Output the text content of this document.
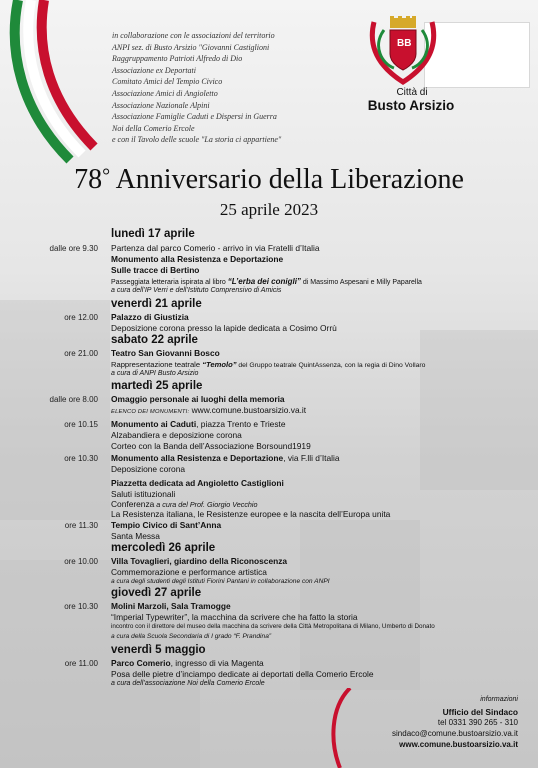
in collaborazione con le associazioni del territorio
ANPI sez. di Busto Arsizio "Giovanni Castiglioni
Raggruppamento Patrioti Alfredo di Dio
Associazione ex Deportati
Comitato Amici del Tempio Civico
Associazione Amici di Angioletto
Associazione Nazionale Alpini
Associazione Famiglie Caduti e Dispersi in Guerra
Noi della Comerio Ercole
e con il Tavolo delle scuole "La storia ci appartiene"
BB
Città di
Busto Arsizio
78° Anniversario della Liberazione
25 aprile 2023
lunedì 17 aprile
dalle ore 9.30 Partenza dal parco Comerio - arrivo in via Fratelli d’Italia
Monumento alla Resistenza e Deportazione
Sulle tracce di Bertino
Passeggiata letteraria ispirata al libro “L’erba dei conigli” di Massimo Aspesani e Milly Paparella
a cura dell’IP Verri e dell’Istituto Comprensivo di Amicis
venerdì 21 aprile
ore 12.00 Palazzo di Giustizia
Deposizione corona presso la lapide dedicata a Cosimo Orrù
sabato 22 aprile
ore 21.00 Teatro San Giovanni Bosco
Rappresentazione teatrale “Temolo” del Gruppo teatrale QuintAssenza, con la regia di Dino Vollaro
a cura di ANPI Busto Arsizio
martedì 25 aprile
dalle ore 8.00 Omaggio personale ai luoghi della memoria
ELENCO DEI MONUMENTI: www.comune.bustoarsizio.va.it
ore 10.15 Monumento ai Caduti, piazza Trento e Trieste
Alzabandiera e deposizione corona
Corteo con la Banda dell’Associazione Borsound1919
ore 10.30 Monumento alla Resistenza e Deportazione, via F.lli d’Italia
Deposizione corona
Piazzetta dedicata ad Angioletto Castiglioni
Saluti istituzionali
Conferenza a cura del Prof. Giorgio Vecchio
La Resistenza italiana, le Resistenze europee e la nascita dell’Europa unita
ore 11.30 Tempio Civico di Sant’Anna
Santa Messa
mercoledì 26 aprile
ore 10.00 Villa Tovaglieri, giardino della Riconoscenza
Commemorazione e performance artistica
a cura degli studenti degli Istituti Fiorini Pantani in collaborazione con ANPI
giovedì 27 aprile
ore 10.30 Molini Marzoli, Sala Tramogge
“Imperial Typewriter”, la macchina da scrivere che ha fatto la storia
incontro con il direttore del museo della macchina da scrivere della Città Metropolitana di Milano, Umberto di Donato
a cura della Scuola Secondaria di I grado “F. Prandina”
venerdì 5 maggio
ore 11.00 Parco Comerio, ingresso di via Magenta
Posa delle pietre d’inciampo dedicate ai deportati della Comerio Ercole
a cura dell’associazione Noi della Comerio Ercole
informazioni
Ufficio del Sindaco
tel 0331 390 265 - 310
sindaco@comune.bustoarsizio.va.it
www.comune.bustoarsizio.va.it
